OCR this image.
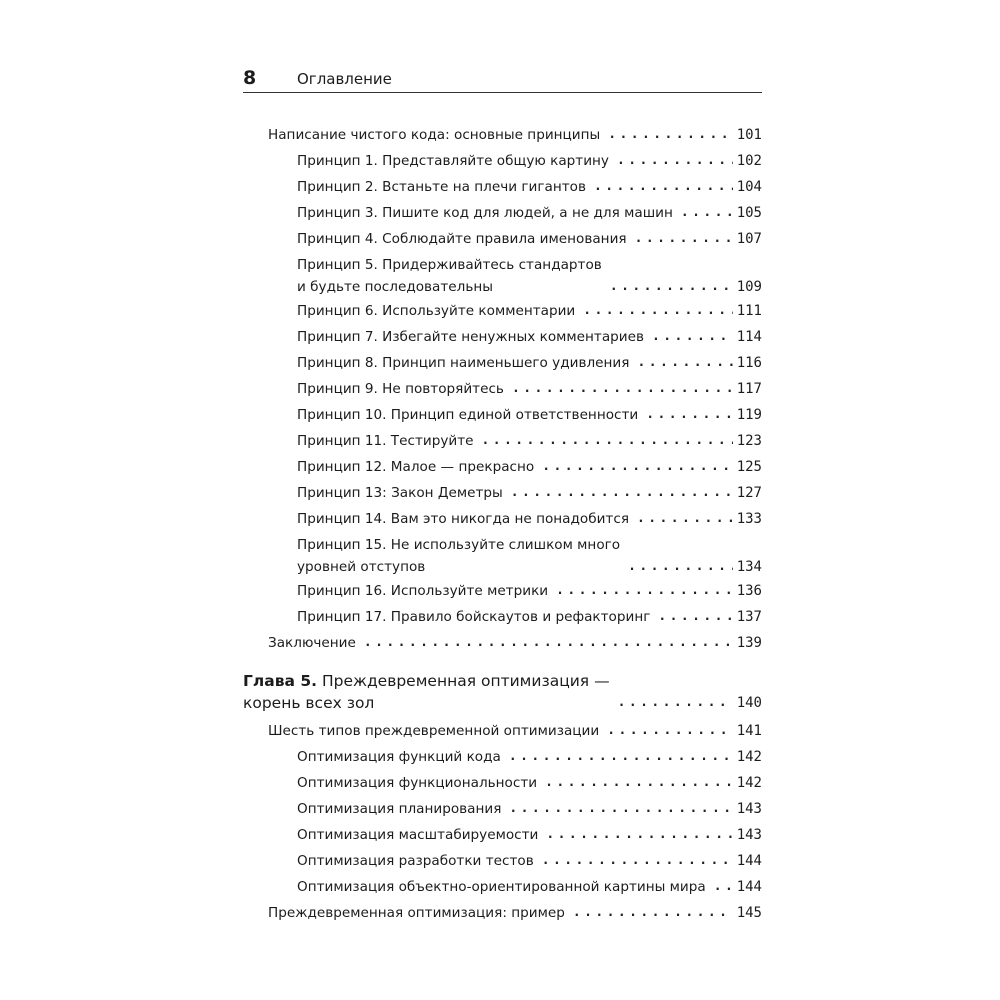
8	Оглавление
Написание чистого кода: основные принципы . . .	101
Принцип 1. Представляйте общую картину . . .	102
Принцип 2. Встаньте на плечи гигантов . . .	104
Принцип 3. Пишите код для людей, а не для машин . . .	105
Принцип 4. Соблюдайте правила именования . . .	107
Принцип 5. Придерживайтесь стандартов
и будьте последовательны . . .	109
Принцип 6. Используйте комментарии . . .	111
Принцип 7. Избегайте ненужных комментариев . . .	114
Принцип 8. Принцип наименьшего удивления . . .	116
Принцип 9. Не повторяйтесь . . .	117
Принцип 10. Принцип единой ответственности . . .	119
Принцип 11. Тестируйте . . .	123
Принцип 12. Малое — прекрасно . . .	125
Принцип 13: Закон Деметры . . .	127
Принцип 14. Вам это никогда не понадобится . . .	133
Принцип 15. Не используйте слишком много
уровней отступов . . .	134
Принцип 16. Используйте метрики . . .	136
Принцип 17. Правило бойскаутов и рефакторинг . . .	137
Заключение . . .	139
Глава 5. Преждевременная оптимизация —
корень всех зол . . .	140
Шесть типов преждевременной оптимизации . . .	141
Оптимизация функций кода . . .	142
Оптимизация функциональности . . .	142
Оптимизация планирования . . .	143
Оптимизация масштабируемости . . .	143
Оптимизация разработки тестов . . .	144
Оптимизация объектно-ориентированной картины мира . . . 144
Преждевременная оптимизация: пример . . .	145
